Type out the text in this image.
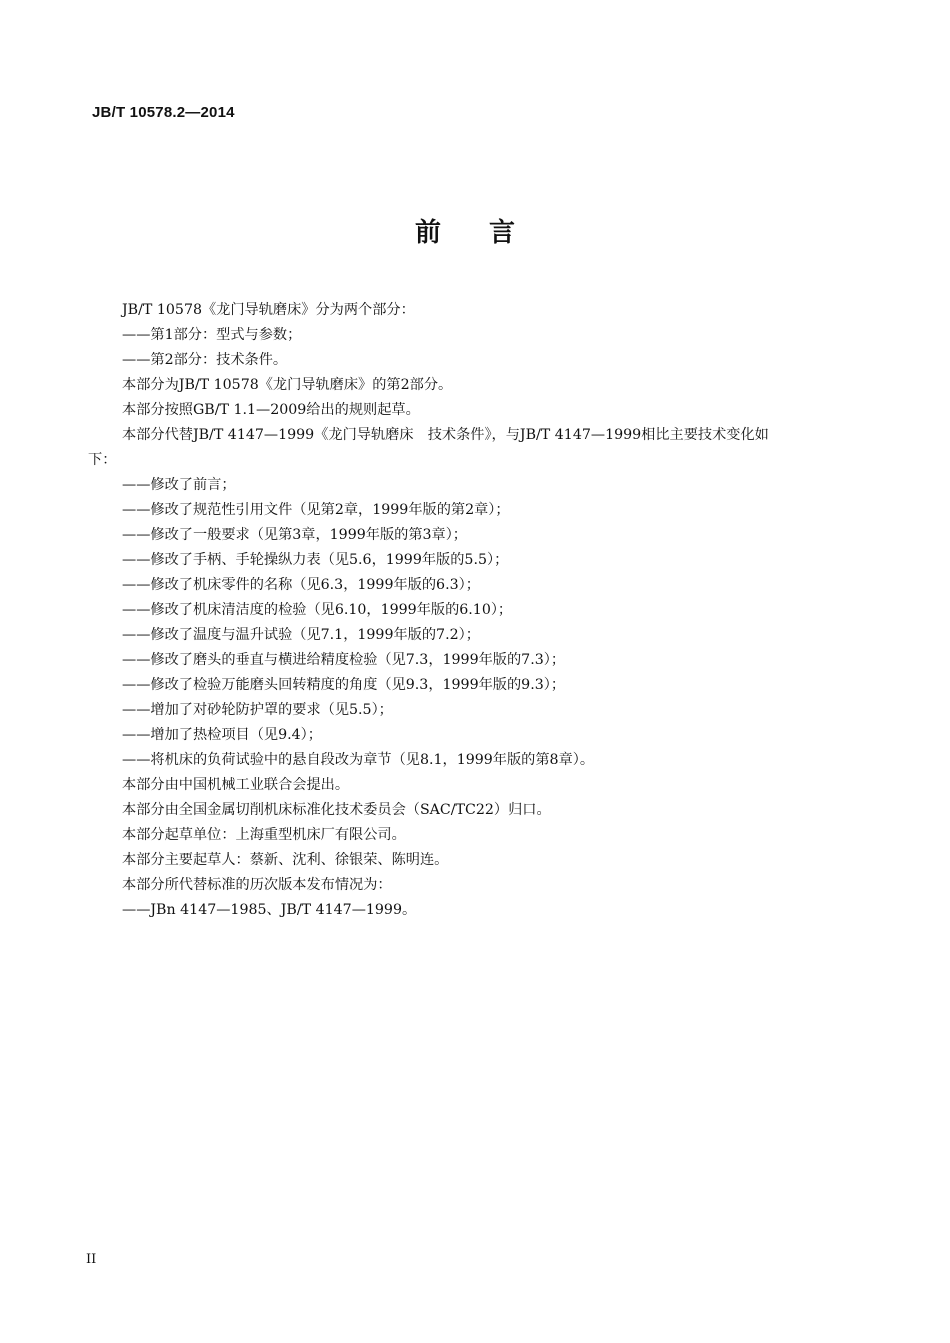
JB/T 10578.2—2014
前言
JB/T 10578《龙门导轨磨床》分为两个部分：
——第1部分：型式与参数；
——第2部分：技术条件。
本部分为JB/T 10578《龙门导轨磨床》的第2部分。
本部分按照GB/T 1.1—2009给出的规则起草。
本部分代替JB/T 4147—1999《龙门导轨磨床　技术条件》，与JB/T 4147—1999相比主要技术变化如
下：
——修改了前言；
——修改了规范性引用文件（见第2章，1999年版的第2章）；
——修改了一般要求（见第3章，1999年版的第3章）；
——修改了手柄、手轮操纵力表（见5.6，1999年版的5.5）；
——修改了机床零件的名称（见6.3，1999年版的6.3）；
——修改了机床清洁度的检验（见6.10，1999年版的6.10）；
——修改了温度与温升试验（见7.1，1999年版的7.2）；
——修改了磨头的垂直与横进给精度检验（见7.3，1999年版的7.3）；
——修改了检验万能磨头回转精度的角度（见9.3，1999年版的9.3）；
——增加了对砂轮防护罩的要求（见5.5）；
——增加了热检项目（见9.4）；
——将机床的负荷试验中的悬自段改为章节（见8.1，1999年版的第8章）。
本部分由中国机械工业联合会提出。
本部分由全国金属切削机床标准化技术委员会（SAC/TC22）归口。
本部分起草单位：上海重型机床厂有限公司。
本部分主要起草人：蔡新、沈利、徐银荣、陈明连。
本部分所代替标准的历次版本发布情况为：
——JBn 4147—1985、JB/T 4147—1999。
II
